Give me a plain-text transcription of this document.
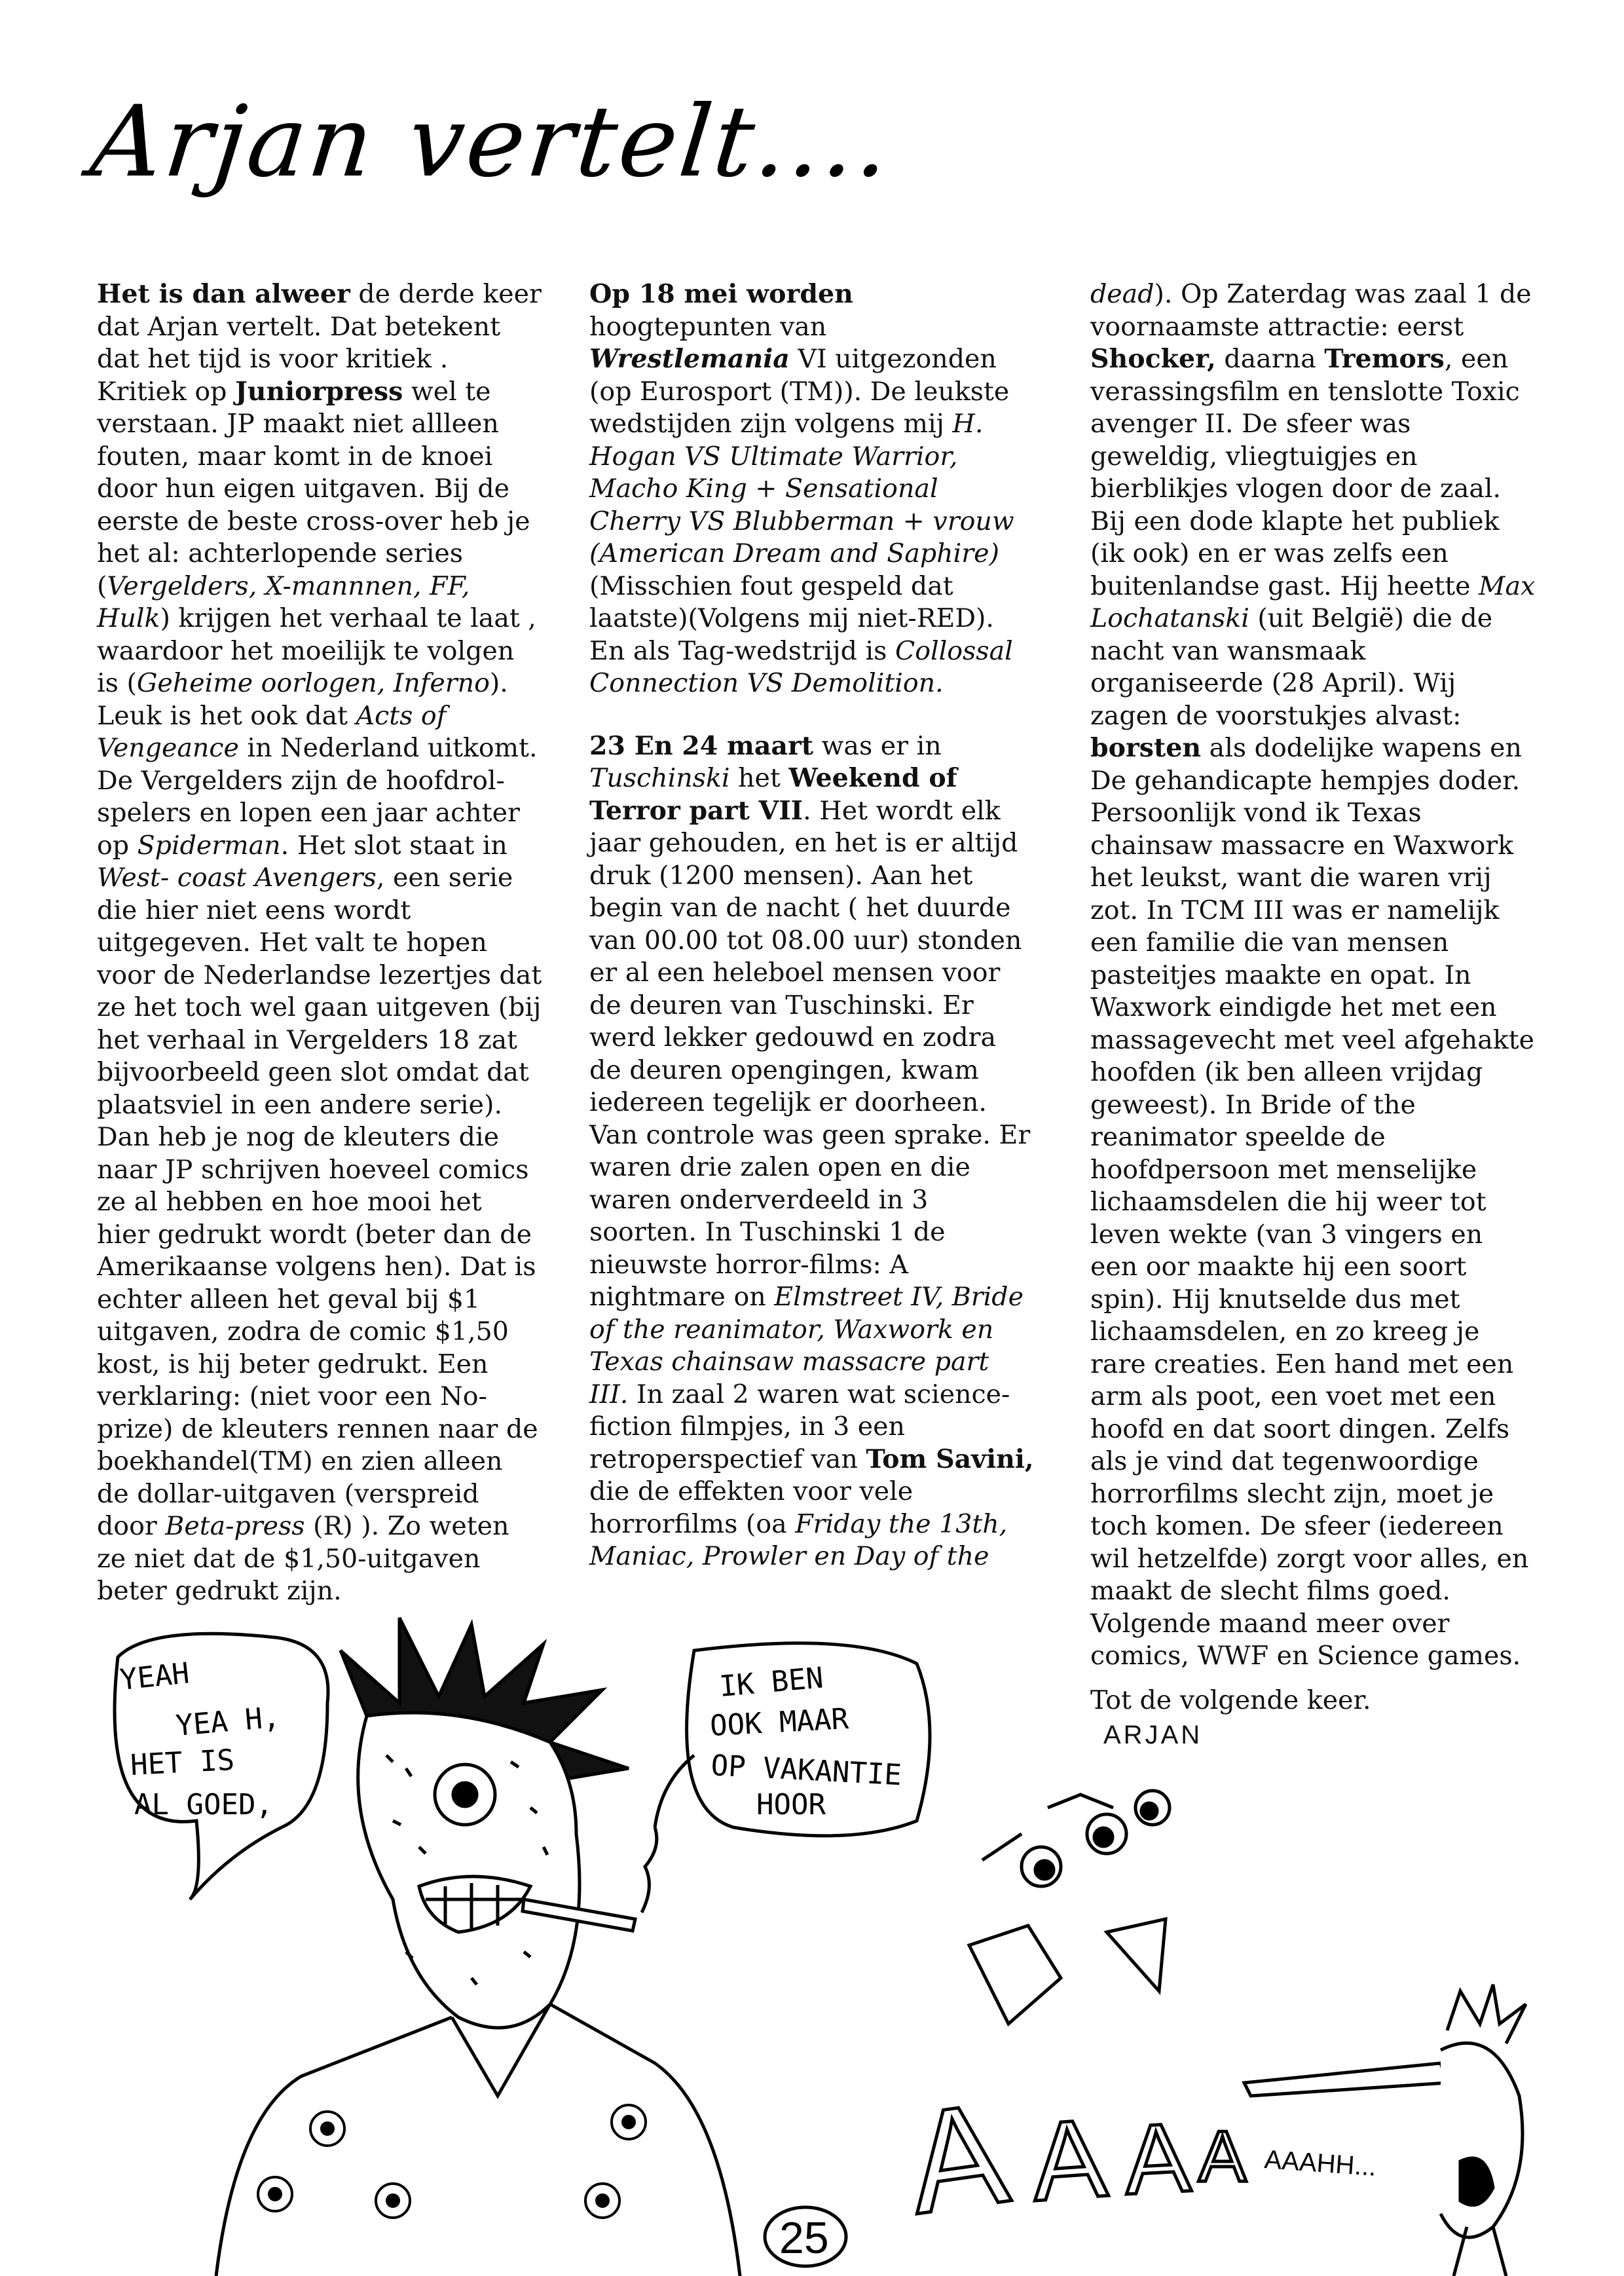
Arjan vertelt....

Het is dan alweer de derde keer dat Arjan vertelt. Dat betekent dat het tijd is voor kritiek . Kritiek op Juniorpress wel te verstaan. JP maakt niet allleen fouten, maar komt in de knoei door hun eigen uitgaven. Bij de eerste de beste cross-over heb je het al: achterlopende series (Vergelders, X-mannnen, FF, Hulk) krijgen het verhaal te laat , waardoor het moeilijk te volgen is (Geheime oorlogen, Inferno). Leuk is het ook dat Acts of Vengeance in Nederland uitkomt. De Vergelders zijn de hoofdrol-spelers en lopen een jaar achter op Spiderman. Het slot staat in West- coast Avengers, een serie die hier niet eens wordt uitgegeven. Het valt te hopen voor de Nederlandse lezertjes dat ze het toch wel gaan uitgeven (bij het verhaal in Vergelders 18 zat bijvoorbeeld geen slot omdat dat plaatsviel in een andere serie). Dan heb je nog de kleuters die naar JP schrijven hoeveel comics ze al hebben en hoe mooi het hier gedrukt wordt (beter dan de Amerikaanse volgens hen). Dat is echter alleen het geval bij $1 uitgaven, zodra de comic $1,50 kost, is hij beter gedrukt. Een verklaring: (niet voor een No-prize) de kleuters rennen naar de boekhandel(TM) en zien alleen de dollar-uitgaven (verspreid door Beta-press (R) ). Zo weten ze niet dat de $1,50-uitgaven beter gedrukt zijn.

Op 18 mei worden hoogtepunten van Wrestlemania VI uitgezonden (op Eurosport (TM)). De leukste wedstijden zijn volgens mij H. Hogan VS Ultimate Warrior, Macho King + Sensational Cherry VS Blubberman + vrouw (American Dream and Saphire)(Misschien fout gespeld dat laatste)(Volgens mij niet-RED). En als Tag-wedstrijd is Collossal Connection VS Demolition.

23 En 24 maart was er in Tuschinski het Weekend of Terror part VII. Het wordt elk jaar gehouden, en het is er altijd druk (1200 mensen). Aan het begin van de nacht ( het duurde van 00.00 tot 08.00 uur) stonden er al een heleboel mensen voor de deuren van Tuschinski. Er werd lekker gedouwd en zodra de deuren opengingen, kwam iedereen tegelijk er doorheen. Van controle was geen sprake. Er waren drie zalen open en die waren onderverdeeld in 3 soorten. In Tuschinski 1 de nieuwste horror-films: A nightmare on Elmstreet IV, Bride of the reanimator, Waxwork en Texas chainsaw massacre part III. In zaal 2 waren wat science-fiction filmpjes, in 3 een retroperspectief van Tom Savini, die de effekten voor vele horrorfilms (oa Friday the 13th, Maniac, Prowler en Day of the

dead). Op Zaterdag was zaal 1 de voornaamste attractie: eerst Shocker, daarna Tremors, een verassingsfilm en tenslotte Toxic avenger II. De sfeer was geweldig, vliegtuigjes en bierblikjes vlogen door de zaal. Bij een dode klapte het publiek (ik ook) en er was zelfs een buitenlandse gast. Hij heette Max Lochatanski (uit België) die de nacht van wansmaak organiseerde (28 April). Wij zagen de voorstukjes alvast: borsten als dodelijke wapens en De gehandicapte hempjes doder. Persoonlijk vond ik Texas chainsaw massacre en Waxwork het leukst, want die waren vrij zot. In TCM III was er namelijk een familie die van mensen pasteitjes maakte en opat. In Waxwork eindigde het met een massagevecht met veel afgehakte hoofden (ik ben alleen vrijdag geweest). In Bride of the reanimator speelde de hoofdpersoon met menselijke lichaamsdelen die hij weer tot leven wekte (van 3 vingers en een oor maakte hij een soort spin). Hij knutselde dus met lichaamsdelen, en zo kreeg je rare creaties. Een hand met een arm als poot, een voet met een hoofd en dat soort dingen. Zelfs als je vind dat tegenwoordige horrorfilms slecht zijn, moet je toch komen. De sfeer (iedereen wil hetzelfde) zorgt voor alles, en maakt de slecht films goed. Volgende maand meer over comics, WWF en Science games.

Tot de volgende keer.

ARJAN
YEAH
YEA H,
HET IS
AL GOED,
IK BEN
OOK MAAR
OP VAKANTIE
HOOR
25 A A A A AAAHH...
